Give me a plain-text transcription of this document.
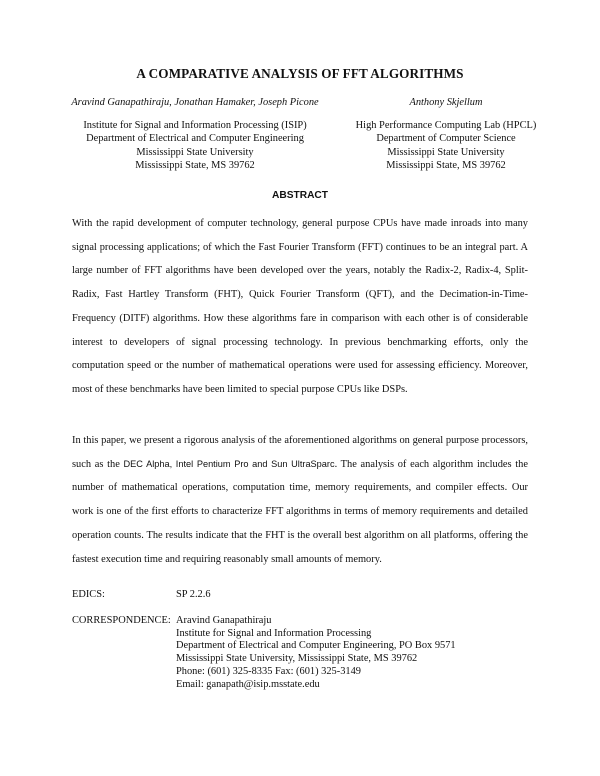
A COMPARATIVE ANALYSIS OF FFT ALGORITHMS
Aravind Ganapathiraju, Jonathan Hamaker, Joseph Picone
Institute for Signal and Information Processing (ISIP)
Department of Electrical and Computer Engineering
Mississippi State University
Mississippi State, MS 39762
Anthony Skjellum
High Performance Computing Lab (HPCL)
Department of Computer Science
Mississippi State University
Mississippi State, MS 39762
ABSTRACT
With the rapid development of computer technology, general purpose CPUs have made inroads into many signal processing applications; of which the Fast Fourier Transform (FFT) continues to be an integral part. A large number of FFT algorithms have been developed over the years, notably the Radix-2, Radix-4, Split-Radix, Fast Hartley Transform (FHT), Quick Fourier Transform (QFT), and the Decimation-in-Time-Frequency (DITF) algorithms. How these algorithms fare in comparison with each other is of considerable interest to developers of signal processing technology. In previous benchmarking efforts, only the computation speed or the number of mathematical operations were used for assessing efficiency. Moreover, most of these benchmarks have been limited to special purpose CPUs like DSPs.
In this paper, we present a rigorous analysis of the aforementioned algorithms on general purpose processors, such as the DEC Alpha, Intel Pentium Pro and Sun UltraSparc. The analysis of each algorithm includes the number of mathematical operations, computation time, memory requirements, and compiler effects. Our work is one of the first efforts to characterize FFT algorithms in terms of memory requirements and detailed operation counts. The results indicate that the FHT is the overall best algorithm on all platforms, offering the fastest execution time and requiring reasonably small amounts of memory.
EDICS:	SP 2.2.6
CORRESPONDENCE: Aravind Ganapathiraju
Institute for Signal and Information Processing
Department of Electrical and Computer Engineering, PO Box 9571
Mississippi State University, Mississippi State, MS 39762
Phone: (601) 325-8335 Fax: (601) 325-3149
Email: ganapath@isip.msstate.edu
